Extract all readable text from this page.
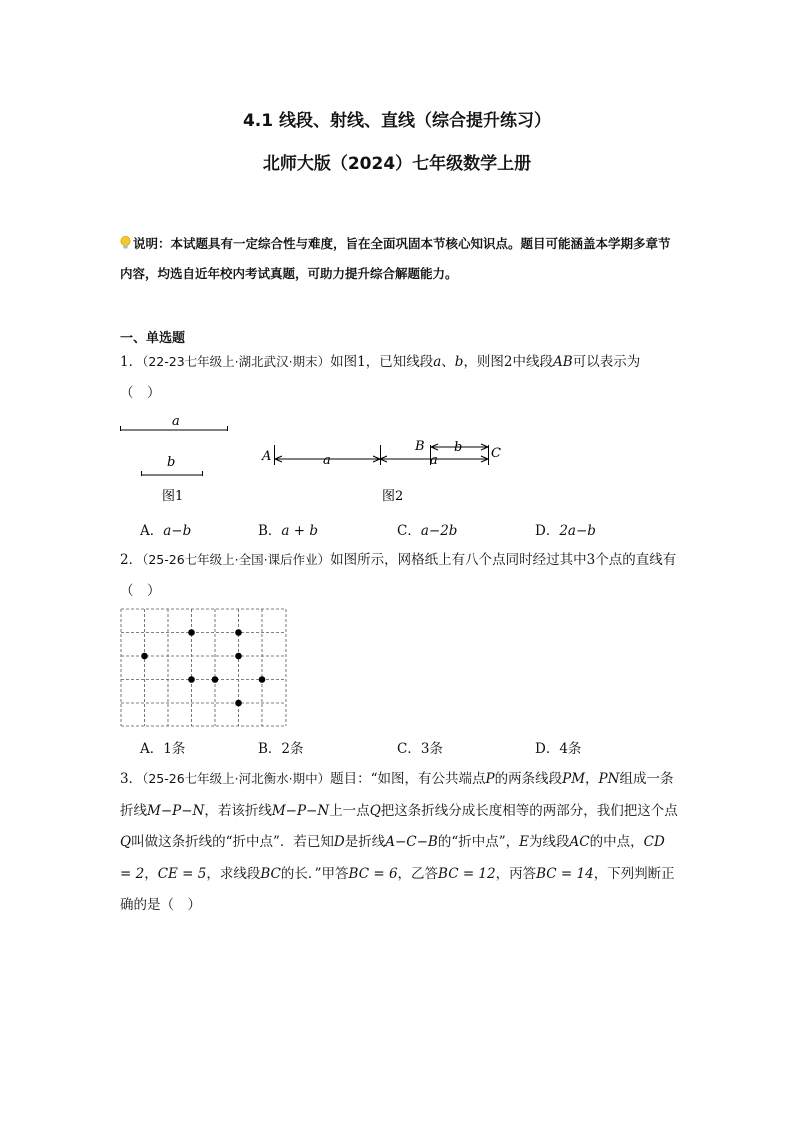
4.1 线段、射线、直线（综合提升练习）
北师大版（2024）七年级数学上册
说明：本试题具有一定综合性与难度，旨在全面巩固本节核心知识点。题目可能涵盖本学期多章节内容，均选自近年校内考试真题，可助力提升综合解题能力。
一、单选题
1．（22-23七年级上·湖北武汉·期末）如图1，已知线段a、b，则图2中线段AB可以表示为
（　）
a
b
图1
A
B	C
a	a
b
图2
A．a−b	B．a + b	C．a−2b	D．2a−b
2．（25-26七年级上·全国·课后作业）如图所示，网格纸上有八个点同时经过其中3个点的直线有（　）
A．1条	B．2条	C．3条	D．4条
3．（25-26七年级上·河北衡水·期中）题目：“如图，有公共端点P的两条线段PM，PN组成一条折线M−P−N，若该折线M−P−N上一点Q把这条折线分成长度相等的两部分，我们把这个点Q叫做这条折线的“折中点”．若已知D是折线A−C−B的“折中点”，E为线段AC的中点，CD = 2，CE = 5，求线段BC的长．”甲答BC = 6，乙答BC = 12，丙答BC = 14，下列判断正确的是（　）
